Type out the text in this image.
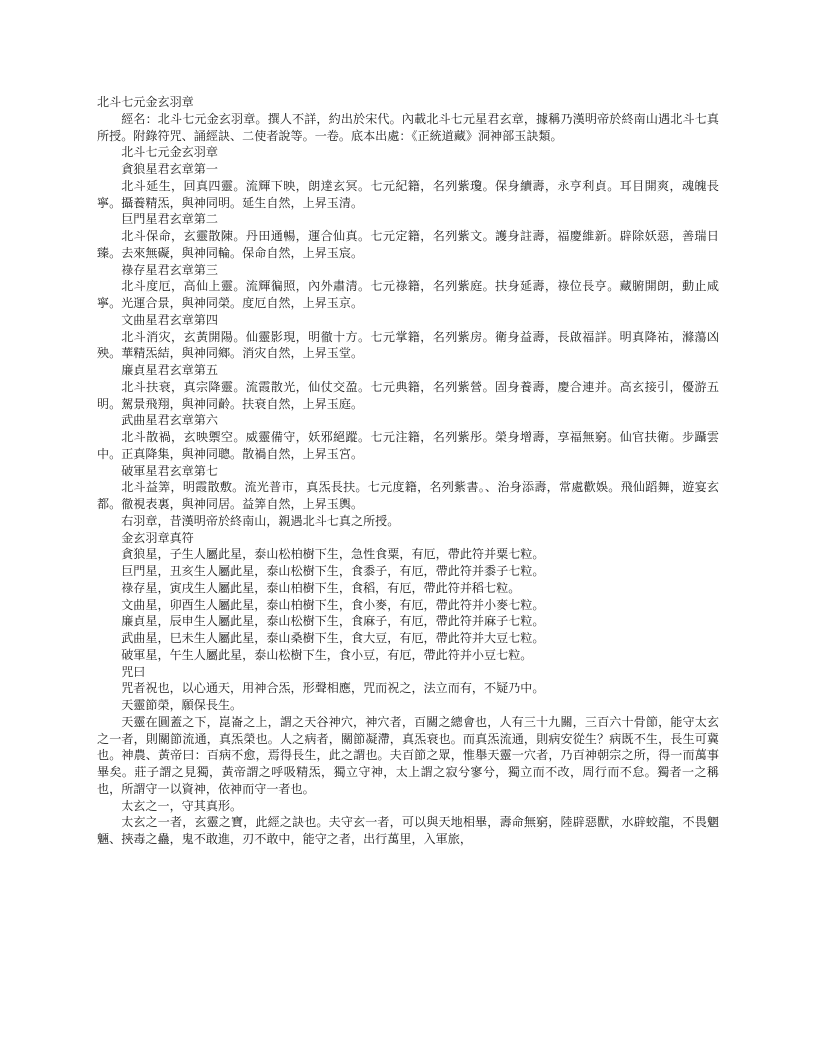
北斗七元金玄羽章

經名：北斗七元金玄羽章。撰人不詳，約出於宋代。內載北斗七元星君玄章，據稱乃漢明帝於終南山遇北斗七真所授。附錄符咒、誦經訣、二使者說等。一卷。底本出處：《正統道藏》洞神部玉訣類。

北斗七元金玄羽章

貪狼星君玄章第一

北斗延生，回真四靈。流輝下映，朗達玄冥。七元紀籍，名列紫瓊。保身續壽，永亨利貞。耳目開爽，魂魄長寧。攝養精炁，與神同明。延生自然，上昇玉清。

巨門星君玄章第二

北斗保命，玄靈散陳。丹田通暢，運合仙真。七元定籍，名列紫文。護身註壽，福慶維新。辟除妖惡，善瑞日臻。去來無礙，與神同輪。保命自然，上昇玉宸。

祿存星君玄章第三

北斗度厄，高仙上靈。流輝徧照，內外肅清。七元祿籍，名列紫庭。扶身延壽，祿位長亨。藏腑開朗，動止咸寧。光運合景，與神同榮。度厄自然，上昇玉京。

文曲星君玄章第四

北斗消灾，玄黃開陽。仙靈影現，明徹十方。七元掌籍，名列紫房。衛身益壽，長啟福詳。明真降祐，滌蕩凶殃。華精炁結，與神同鄉。消灾自然，上昇玉堂。

廉貞星君玄章第五

北斗扶衰，真宗降靈。流霞散光，仙仗交盈。七元典籍，名列紫營。固身養壽，慶合連并。高玄接引，優游五明。駕景飛翔，與神同齡。扶衰自然，上昇玉庭。

武曲星君玄章第六

北斗散禍，玄映禦空。威靈備守，妖邪絕蹤。七元注籍，名列紫彤。榮身增壽，享福無窮。仙官扶衛。步躡雲中。正真降集，與神同聰。散禍自然，上昇玉宮。

破軍星君玄章第七

北斗益筭，明霞散敷。流光普市，真炁長扶。七元度籍，名列紫書。、治身添壽，常處歡娛。飛仙蹈舞，遊宴玄都。徹視表裏，與神同居。益筭自然，上昇玉輿。

右羽章，昔漢明帝於終南山，親遇北斗七真之所授。

金玄羽章真符

貪狼星，子生人屬此星，泰山松柏樹下生，急性食粟，有厄，帶此符并粟七粒。

巨門星，丑亥生人屬此星，泰山松樹下生，食黍子，有厄，帶此符并黍子七粒。

祿存星，寅戌生人屬此星，泰山柏樹下生，食稻，有厄，帶此符并稻七粒。

文曲星，卯酉生人屬此星，泰山柏樹下生，食小麥，有厄，帶此符并小麥七粒。

廉貞星，辰申生人屬此星，泰山松樹下生，食麻子，有厄，帶此符并麻子七粒。

武曲星，巳未生人屬此星，泰山桑樹下生，食大豆，有厄，帶此符并大豆七粒。

破軍星，午生人屬此星，泰山松樹下生，食小豆，有厄，帶此符并小豆七粒。

咒曰

咒者祝也，以心通天，用神合炁，形聲相應，咒而祝之，法立而有，不疑乃中。

天靈節榮，願保長生。

天靈在圓蓋之下，崑崙之上，謂之天谷神穴，神穴者，百關之總會也，人有三十九關，三百六十骨節，能守太玄之一者，則關節流通，真炁榮也。人之病者，關節凝滯，真炁衰也。而真炁流通，則病安從生？病既不生，長生可冀也。神農、黃帝曰：百病不愈，焉得長生，此之謂也。夫百節之眾，惟舉天靈一穴者，乃百神朝宗之所，得一而萬事畢矣。莊子謂之見獨，黃帝謂之呼吸精炁，獨立守神，太上謂之寂兮寥兮，獨立而不改，周行而不怠。獨者一之稱也，所謂守一以資神，依神而守一者也。

太玄之一，守其真形。

太玄之一者，玄靈之寶，此經之訣也。夫守玄一者，可以與天地相畢，壽命無窮，陸辟惡獸，水辟蛟龍，不畏魍魎、挾毒之蠱，鬼不敢進，刃不敢中，能守之者，出行萬里，入軍旅，
